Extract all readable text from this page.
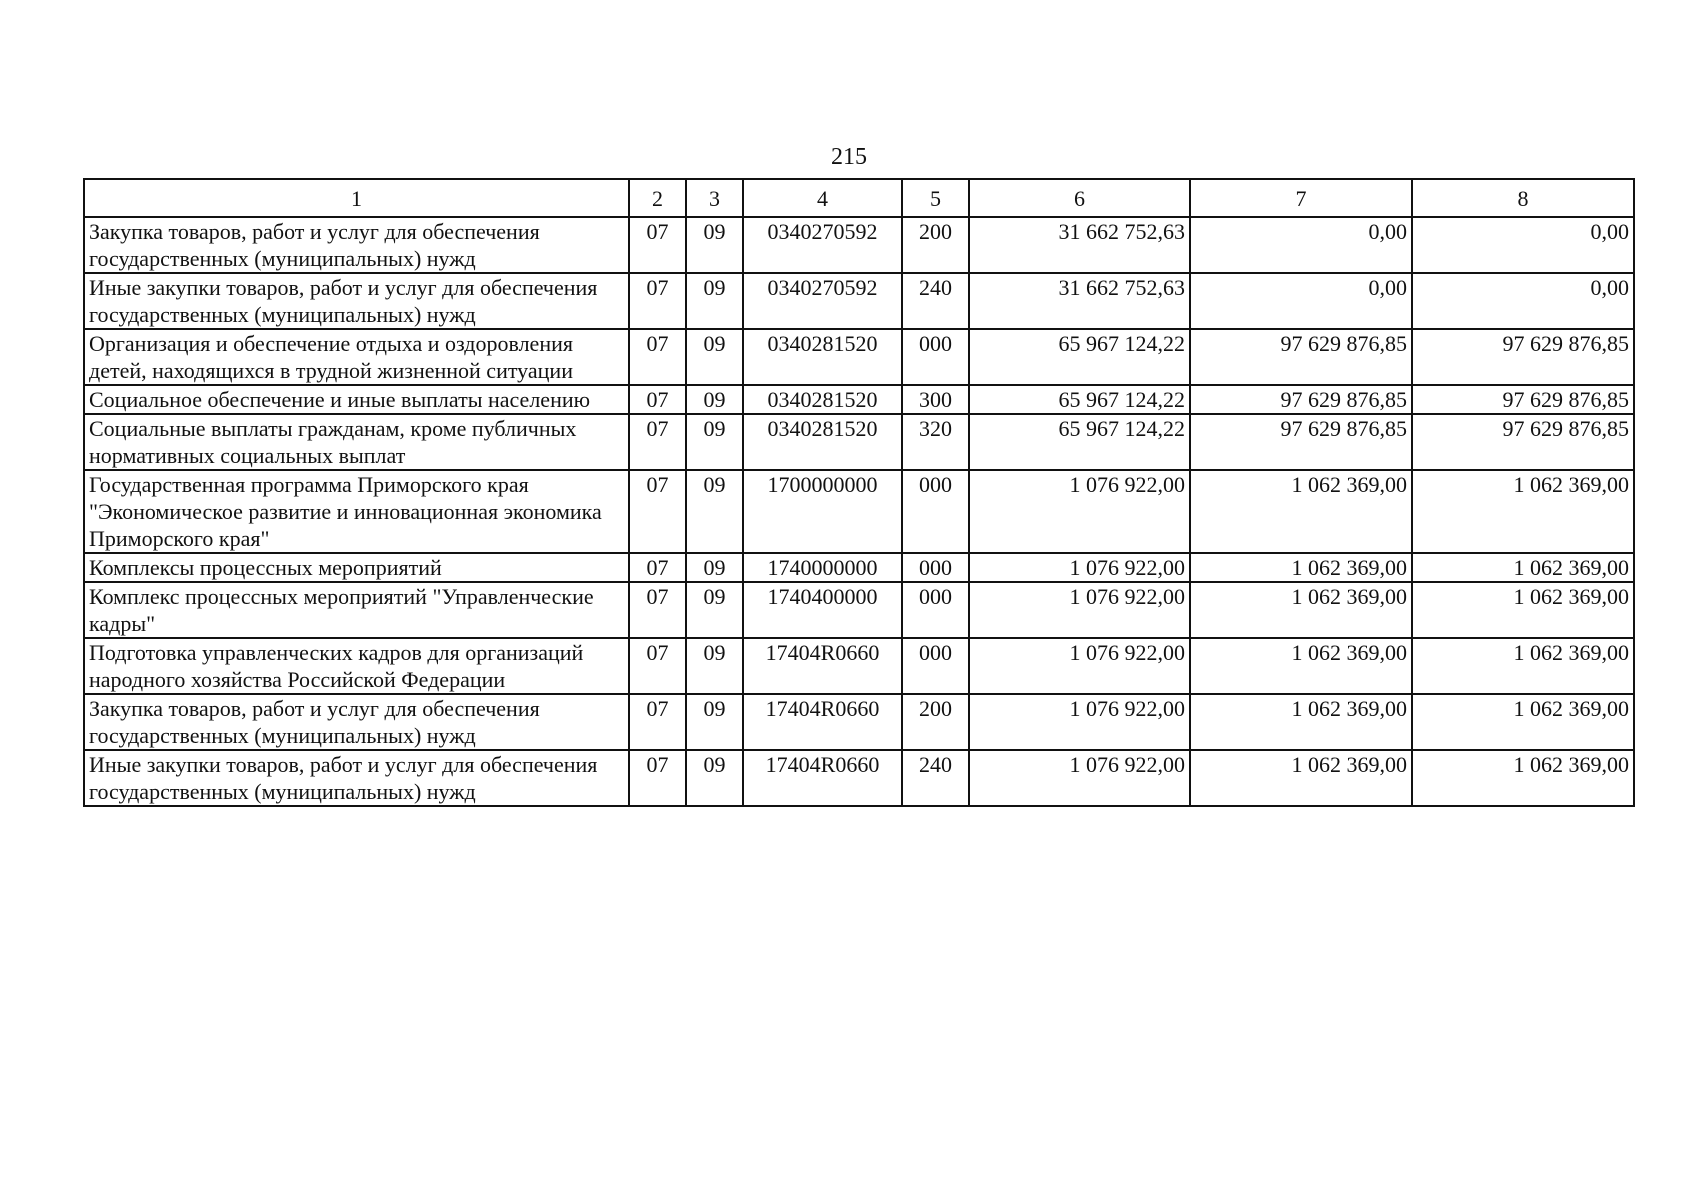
215
1	2	3	4	5	6	7	8
Закупка товаров, работ и услуг для обеспечения государственных (муниципальных) нужд	07	09	0340270592	200	31 662 752,63	0,00	0,00
Иные закупки товаров, работ и услуг для обеспечения государственных (муниципальных) нужд	07	09	0340270592	240	31 662 752,63	0,00	0,00
Организация и обеспечение отдыха и оздоровления детей, находящихся в трудной жизненной ситуации	07	09	0340281520	000	65 967 124,22	97 629 876,85	97 629 876,85
Социальное обеспечение и иные выплаты населению	07	09	0340281520	300	65 967 124,22	97 629 876,85	97 629 876,85
Социальные выплаты гражданам, кроме публичных нормативных социальных выплат	07	09	0340281520	320	65 967 124,22	97 629 876,85	97 629 876,85
Государственная программа Приморского края "Экономическое развитие и инновационная экономика Приморского края"	07	09	1700000000	000	1 076 922,00	1 062 369,00	1 062 369,00
Комплексы процессных мероприятий	07	09	1740000000	000	1 076 922,00	1 062 369,00	1 062 369,00
Комплекс процессных мероприятий "Управленческие кадры"	07	09	1740400000	000	1 076 922,00	1 062 369,00	1 062 369,00
Подготовка управленческих кадров для организаций народного хозяйства Российской Федерации	07	09	17404R0660	000	1 076 922,00	1 062 369,00	1 062 369,00
Закупка товаров, работ и услуг для обеспечения государственных (муниципальных) нужд	07	09	17404R0660	200	1 076 922,00	1 062 369,00	1 062 369,00
Иные закупки товаров, работ и услуг для обеспечения государственных (муниципальных) нужд	07	09	17404R0660	240	1 076 922,00	1 062 369,00	1 062 369,00
